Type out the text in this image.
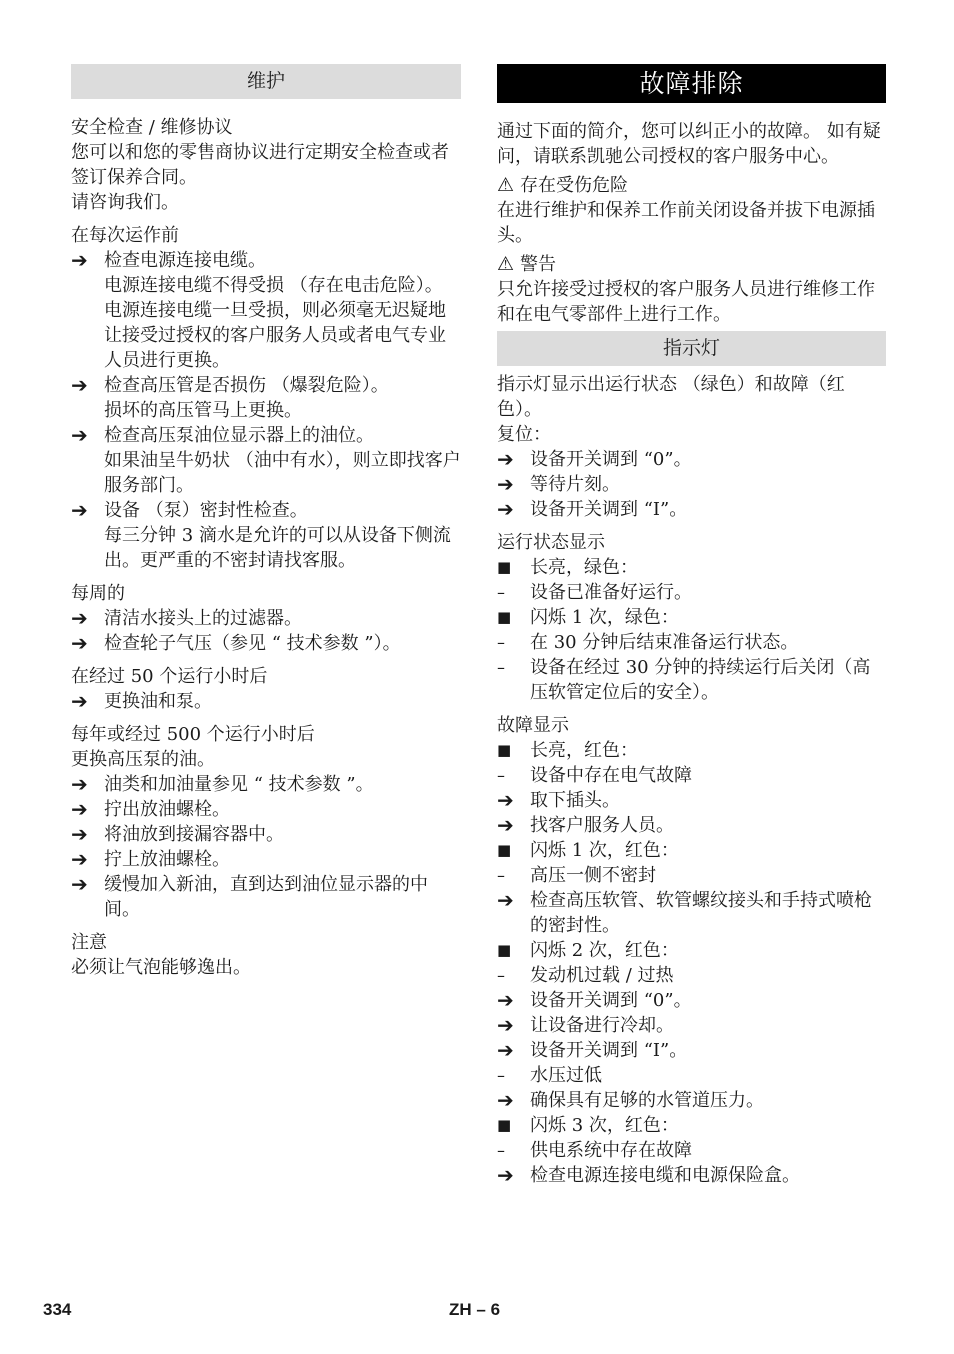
维护
安全检查 / 维修协议
您可以和您的零售商协议进行定期安全检查或者签订保养合同。
请咨询我们。
在每次运作前
➔ 检查电源连接电缆。
电源连接电缆不得受损 （存在电击危险）。 电源连接电缆一旦受损，则必须毫无迟疑地让接受过授权的客户服务人员或者电气专业人员进行更换。
➔ 检查高压管是否损伤 （爆裂危险）。
损坏的高压管马上更换。
➔ 检查高压泵油位显示器上的油位。
如果油呈牛奶状 （油中有水），则立即找客户服务部门。
➔ 设备 （泵）密封性检查。
每三分钟 3 滴水是允许的可以从设备下侧流出。更严重的不密封请找客服。
每周的
➔ 清洁水接头上的过滤器。
➔ 检查轮子气压（参见 “ 技术参数 ”）。
在经过 50 个运行小时后
➔ 更换油和泵。
每年或经过 500 个运行小时后
更换高压泵的油。
➔ 油类和加油量参见 “ 技术参数 ”。
➔ 拧出放油螺栓。
➔ 将油放到接漏容器中。
➔ 拧上放油螺栓。
➔ 缓慢加入新油，直到达到油位显示器的中间。
注意
必须让气泡能够逸出。
故障排除
通过下面的简介，您可以纠正小的故障。 如有疑问，请联系凯驰公司授权的客户服务中心。
⚠ 存在受伤危险
在进行维护和保养工作前关闭设备并拔下电源插头。
⚠ 警告
只允许接受过授权的客户服务人员进行维修工作和在电气零部件上进行工作。
指示灯
指示灯显示出运行状态 （绿色）和故障（红色）。
复位：
➔ 设备开关调到 “0”。
➔ 等待片刻。
➔ 设备开关调到 “I”。
运行状态显示
■	长亮，绿色：
–	设备已准备好运行。
■	闪烁 1 次，绿色：
–	在 30 分钟后结束准备运行状态。
–	设备在经过 30 分钟的持续运行后关闭（高压软管定位后的安全）。
故障显示
■	长亮，红色：
–	设备中存在电气故障
➔ 取下插头。
➔ 找客户服务人员。
■	闪烁 1 次，红色：
–	高压一侧不密封
➔ 检查高压软管、软管螺纹接头和手持式喷枪的密封性。
■	闪烁 2 次，红色：
–	发动机过载 / 过热
➔ 设备开关调到 “0”。
➔ 让设备进行冷却。
➔ 设备开关调到 “I”。
–	水压过低
➔ 确保具有足够的水管道压力。
■	闪烁 3 次，红色：
–	供电系统中存在故障
➔ 检查电源连接电缆和电源保险盒。
334	ZH – 6
